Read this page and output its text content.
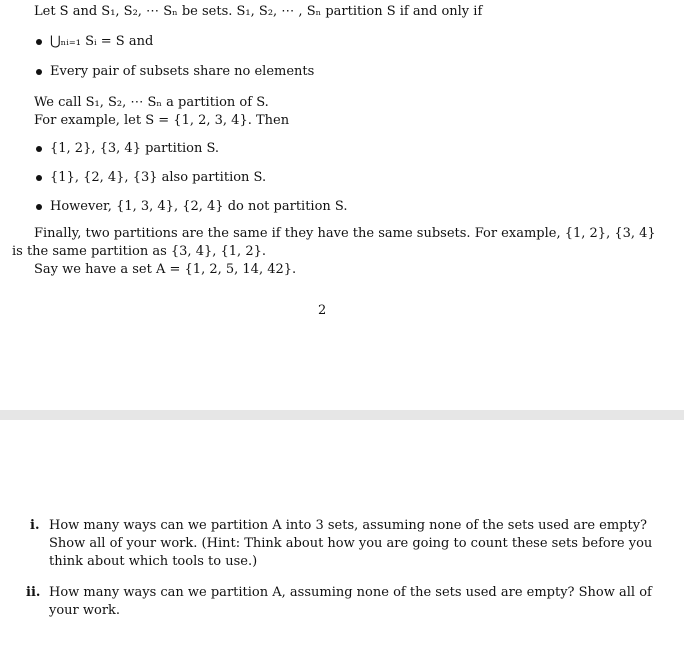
Let S and S₁, S₂, ⋯ Sₙ be sets. S₁, S₂, ⋯ , Sₙ partition S if and only if
⋃ₙᵢ₌₁ Sᵢ = S and
Every pair of subsets share no elements
We call S₁, S₂, ⋯ Sₙ a partition of S.
For example, let S = {1, 2, 3, 4}. Then
{1, 2}, {3, 4} partition S.
{1}, {2, 4}, {3} also partition S.
However, {1, 3, 4}, {2, 4} do not partition S.
Finally, two partitions are the same if they have the same subsets. For example, {1, 2}, {3, 4}
is the same partition as {3, 4}, {1, 2}.
Say we have a set A = {1, 2, 5, 14, 42}.
2
i. How many ways can we partition A into 3 sets, assuming none of the sets used are empty?
Show all of your work. (Hint: Think about how you are going to count these sets before you
think about which tools to use.)
ii. How many ways can we partition A, assuming none of the sets used are empty? Show all of
your work.
